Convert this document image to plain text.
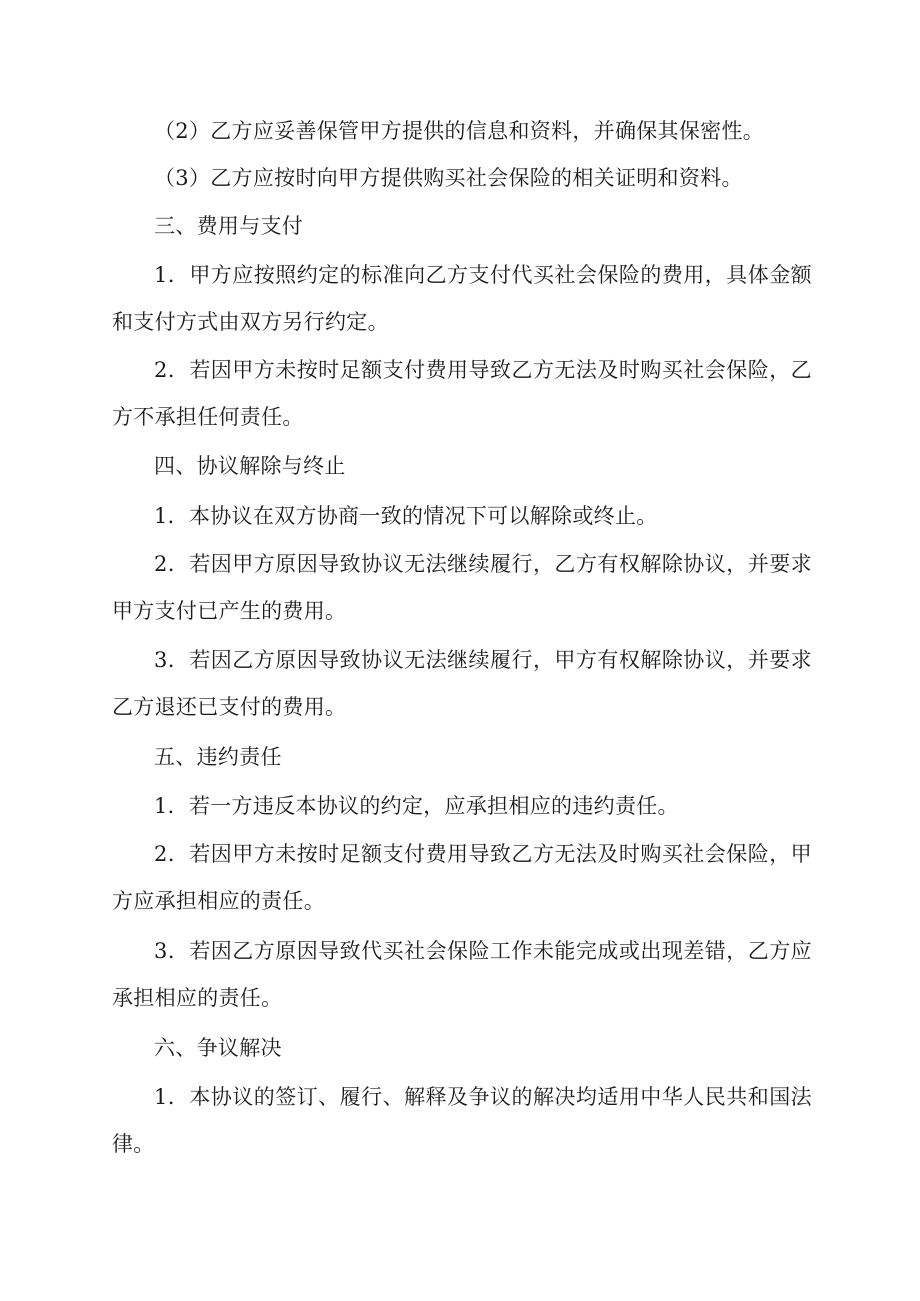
（2）乙方应妥善保管甲方提供的信息和资料，并确保其保密性。

（3）乙方应按时向甲方提供购买社会保险的相关证明和资料。

三、费用与支付

1．甲方应按照约定的标准向乙方支付代买社会保险的费用，具体金额和支付方式由双方另行约定。

2．若因甲方未按时足额支付费用导致乙方无法及时购买社会保险，乙方不承担任何责任。

四、协议解除与终止

1．本协议在双方协商一致的情况下可以解除或终止。

2．若因甲方原因导致协议无法继续履行，乙方有权解除协议，并要求甲方支付已产生的费用。

3．若因乙方原因导致协议无法继续履行，甲方有权解除协议，并要求乙方退还已支付的费用。

五、违约责任

1．若一方违反本协议的约定，应承担相应的违约责任。

2．若因甲方未按时足额支付费用导致乙方无法及时购买社会保险，甲方应承担相应的责任。

3．若因乙方原因导致代买社会保险工作未能完成或出现差错，乙方应承担相应的责任。

六、争议解决

1．本协议的签订、履行、解释及争议的解决均适用中华人民共和国法律。
